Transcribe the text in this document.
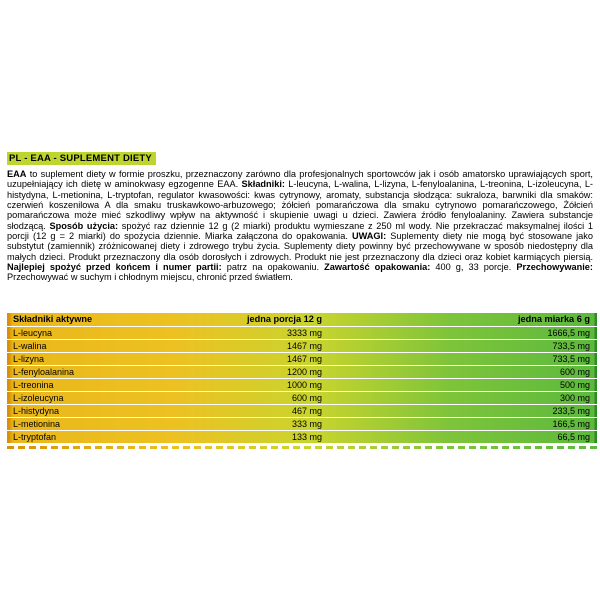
PL - EAA - SUPLEMENT DIETY
EAA to suplement diety w formie proszku, przeznaczony zarówno dla profesjonalnych sportowców jak i osób amatorsko uprawiających sport, uzupełniający ich dietę w aminokwasy egzogenne EAA. Składniki: L-leucyna, L-walina, L-lizyna, L-fenyloalanina, L-treonina, L-izoleucyna, L-histydyna, L-metionina, L-tryptofan, regulator kwasowości: kwas cytrynowy, aromaty, substancja słodząca: sukraloza, barwniki dla smaków: czerwień koszenilowa A dla smaku truskawkowo-arbuzowego; żółcień pomarańczowa dla smaku cytrynowo pomarańczowego, Żółcień pomarańczowa może mieć szkodliwy wpływ na aktywność i skupienie uwagi u dzieci. Zawiera źródło fenyloalaniny. Zawiera substancje słodzącą. Sposób użycia: spożyć raz dziennie 12 g (2 miarki) produktu wymieszane z 250 ml wody. Nie przekraczać maksymalnej ilości 1 porcji (12 g = 2 miarki) do spożycia dziennie. Miarka załączona do opakowania. UWAGI: Suplementy diety nie mogą być stosowane jako substytut (zamiennik) zróżnicowanej diety i zdrowego trybu życia. Suplementy diety powinny być przechowywane w sposób niedostępny dla małych dzieci. Produkt przeznaczony dla osób dorosłych i zdrowych. Produkt nie jest przeznaczony dla dzieci oraz kobiet karmiących piersią. Najlepiej spożyć przed końcem i numer partii: patrz na opakowaniu. Zawartość opakowania: 400 g, 33 porcje. Przechowywanie: Przechowywać w suchym i chłodnym miejscu, chronić przed światłem.
Składniki aktywne	jedna porcja 12 g	jedna miarka 6 g
L-leucyna	3333 mg	1666,5 mg
L-walina	1467 mg	733,5 mg
L-lizyna	1467 mg	733,5 mg
L-fenyloalanina	1200 mg	600 mg
L-treonina	1000 mg	500 mg
L-izoleucyna	600 mg	300 mg
L-histydyna	467 mg	233,5 mg
L-metionina	333 mg	166,5 mg
L-tryptofan	133 mg	66,5 mg
